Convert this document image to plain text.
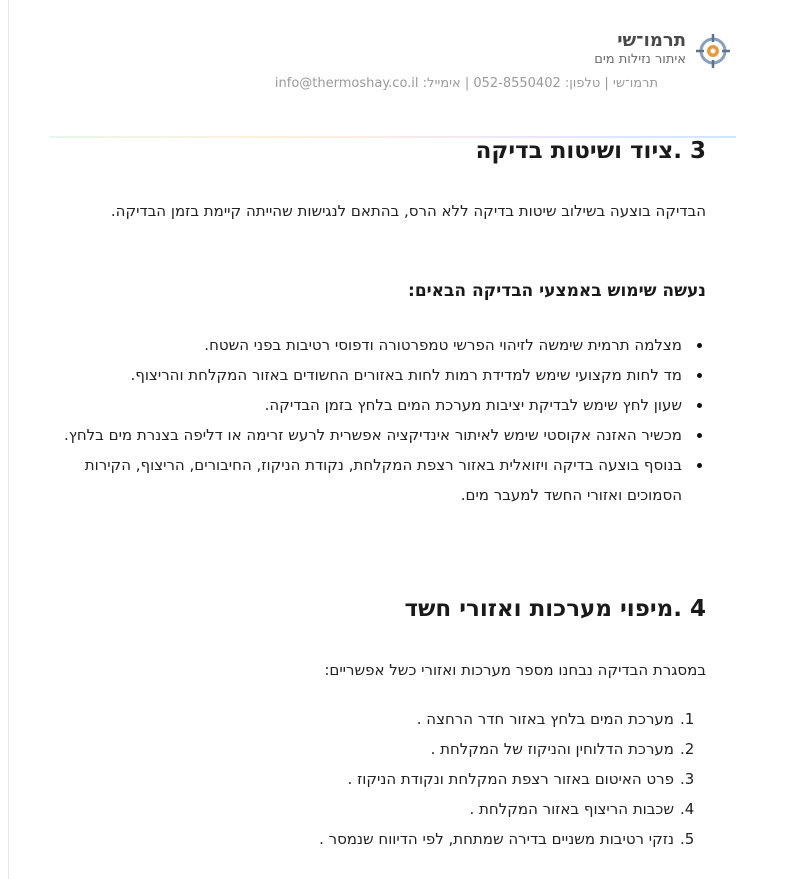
תרמו־שי
איתור נזילות מים
תרמו־שי | טלפון: 052-8550402 | אימייל: info@thermoshay.co.il
3 .ציוד ושיטות בדיקה

הבדיקה בוצעה בשילוב שיטות בדיקה ללא הרס, בהתאם לנגישות שהייתה קיימת בזמן הבדיקה.

נעשה שימוש באמצעי הבדיקה הבאים:

מצלמה תרמית שימשה לזיהוי הפרשי טמפרטורה ודפוסי רטיבות בפני השטח.
מד לחות מקצועי שימש למדידת רמות לחות באזורים החשודים באזור המקלחת והריצוף.
שעון לחץ שימש לבדיקת יציבות מערכת המים בלחץ בזמן הבדיקה.
מכשיר האזנה אקוסטי שימש לאיתור אינדיקציה אפשרית לרעש זרימה או דליפה בצנרת מים בלחץ.
בנוסף בוצעה בדיקה ויזואלית באזור רצפת המקלחת, נקודת הניקוז, החיבורים, הריצוף, הקירות הסמוכים ואזורי החשד למעבר מים.
4 .מיפוי מערכות ואזורי חשד

במסגרת הבדיקה נבחנו מספר מערכות ואזורי כשל אפשריים:

1.
מערכת המים בלחץ באזור חדר הרחצה .
2.
מערכת הדלוחין והניקוז של המקלחת .
3.
פרט האיטום באזור רצפת המקלחת ונקודת הניקוז .
4.
שכבות הריצוף באזור המקלחת .
5.
נזקי רטיבות משניים בדירה שמתחת, לפי הדיווח שנמסר .
